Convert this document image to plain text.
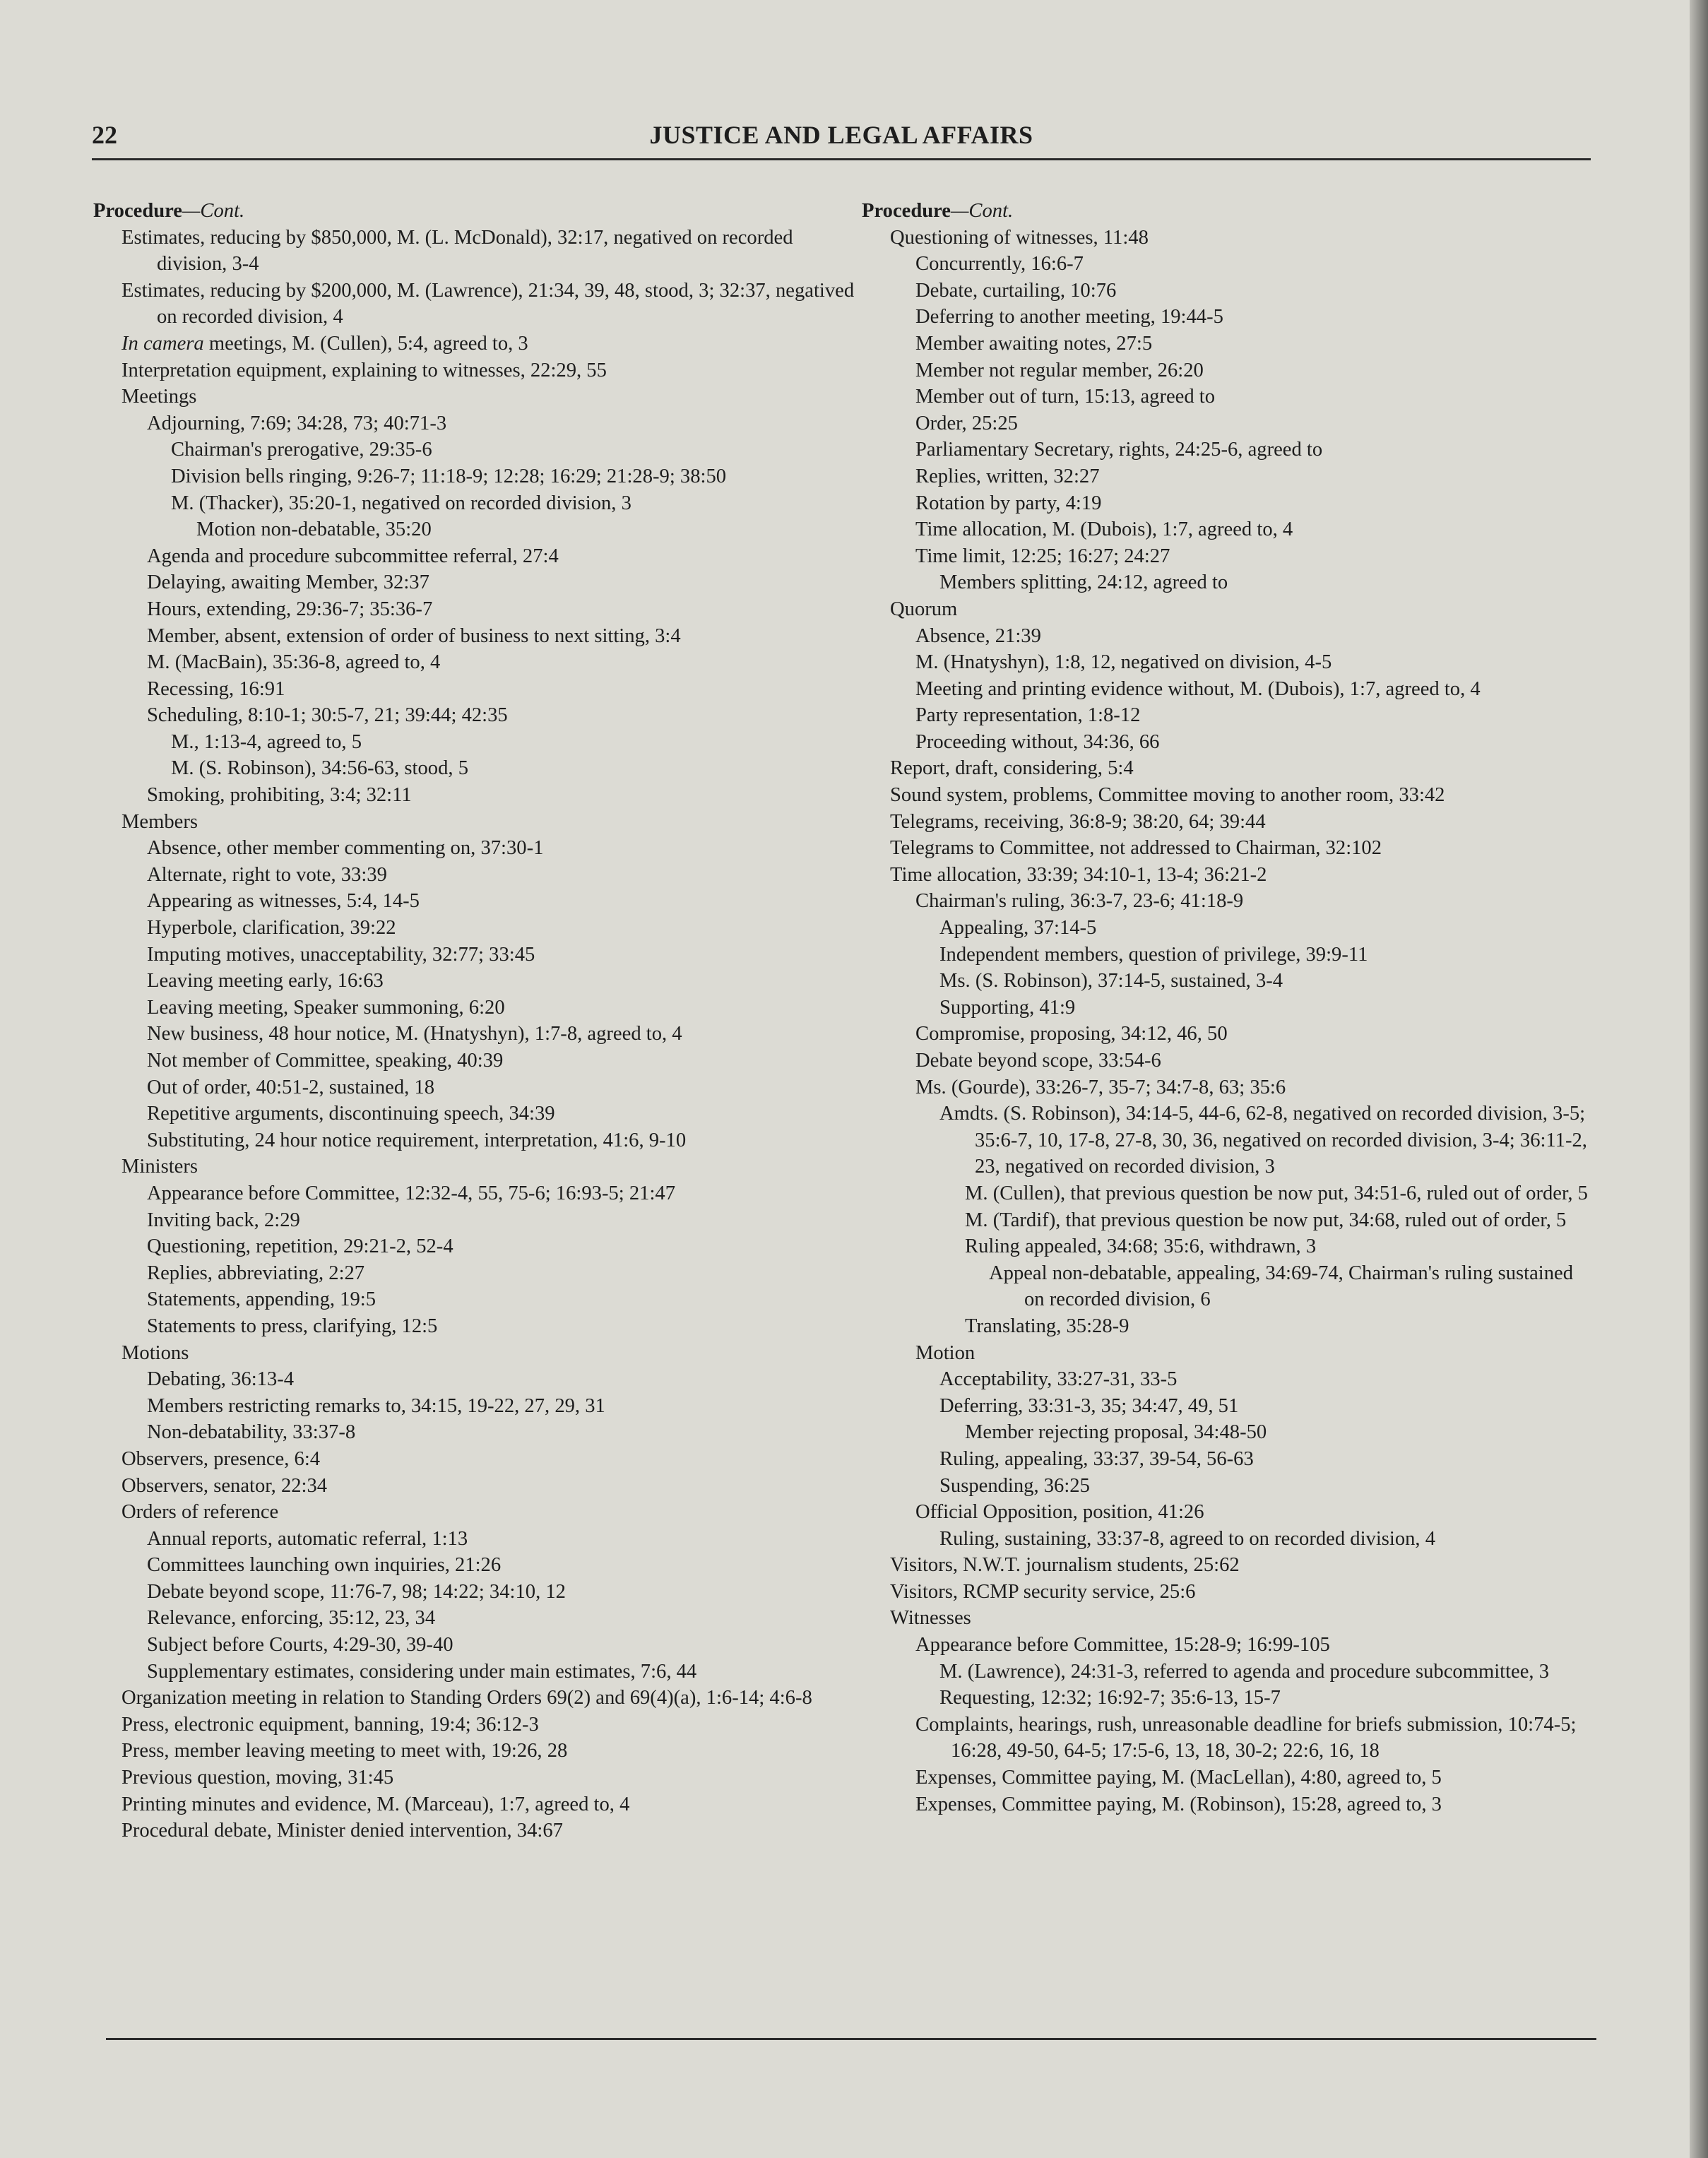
22	JUSTICE AND LEGAL AFFAIRS
Procedure—Cont.
Estimates, reducing by $850,000, M. (L. McDonald), 32:17, negatived on recorded division, 3-4
Estimates, reducing by $200,000, M. (Lawrence), 21:34, 39, 48, stood, 3; 32:37, negatived on recorded division, 4
In camera meetings, M. (Cullen), 5:4, agreed to, 3
Interpretation equipment, explaining to witnesses, 22:29, 55
Meetings
Adjourning, 7:69; 34:28, 73; 40:71-3
Chairman's prerogative, 29:35-6
Division bells ringing, 9:26-7; 11:18-9; 12:28; 16:29; 21:28-9; 38:50
M. (Thacker), 35:20-1, negatived on recorded division, 3
Motion non-debatable, 35:20
Agenda and procedure subcommittee referral, 27:4
Delaying, awaiting Member, 32:37
Hours, extending, 29:36-7; 35:36-7
Member, absent, extension of order of business to next sitting, 3:4
M. (MacBain), 35:36-8, agreed to, 4
Recessing, 16:91
Scheduling, 8:10-1; 30:5-7, 21; 39:44; 42:35
M., 1:13-4, agreed to, 5
M. (S. Robinson), 34:56-63, stood, 5
Smoking, prohibiting, 3:4; 32:11
Members
Absence, other member commenting on, 37:30-1
Alternate, right to vote, 33:39
Appearing as witnesses, 5:4, 14-5
Hyperbole, clarification, 39:22
Imputing motives, unacceptability, 32:77; 33:45
Leaving meeting early, 16:63
Leaving meeting, Speaker summoning, 6:20
New business, 48 hour notice, M. (Hnatyshyn), 1:7-8, agreed to, 4
Not member of Committee, speaking, 40:39
Out of order, 40:51-2, sustained, 18
Repetitive arguments, discontinuing speech, 34:39
Substituting, 24 hour notice requirement, interpretation, 41:6, 9-10
Ministers
Appearance before Committee, 12:32-4, 55, 75-6; 16:93-5; 21:47
Inviting back, 2:29
Questioning, repetition, 29:21-2, 52-4
Replies, abbreviating, 2:27
Statements, appending, 19:5
Statements to press, clarifying, 12:5
Motions
Debating, 36:13-4
Members restricting remarks to, 34:15, 19-22, 27, 29, 31
Non-debatability, 33:37-8
Observers, presence, 6:4
Observers, senator, 22:34
Orders of reference
Annual reports, automatic referral, 1:13
Committees launching own inquiries, 21:26
Debate beyond scope, 11:76-7, 98; 14:22; 34:10, 12
Relevance, enforcing, 35:12, 23, 34
Subject before Courts, 4:29-30, 39-40
Supplementary estimates, considering under main estimates, 7:6, 44
Organization meeting in relation to Standing Orders 69(2) and 69(4)(a), 1:6-14; 4:6-8
Press, electronic equipment, banning, 19:4; 36:12-3
Press, member leaving meeting to meet with, 19:26, 28
Previous question, moving, 31:45
Printing minutes and evidence, M. (Marceau), 1:7, agreed to, 4
Procedural debate, Minister denied intervention, 34:67
Procedure—Cont.
Questioning of witnesses, 11:48
Concurrently, 16:6-7
Debate, curtailing, 10:76
Deferring to another meeting, 19:44-5
Member awaiting notes, 27:5
Member not regular member, 26:20
Member out of turn, 15:13, agreed to
Order, 25:25
Parliamentary Secretary, rights, 24:25-6, agreed to
Replies, written, 32:27
Rotation by party, 4:19
Time allocation, M. (Dubois), 1:7, agreed to, 4
Time limit, 12:25; 16:27; 24:27
Members splitting, 24:12, agreed to
Quorum
Absence, 21:39
M. (Hnatyshyn), 1:8, 12, negatived on division, 4-5
Meeting and printing evidence without, M. (Dubois), 1:7, agreed to, 4
Party representation, 1:8-12
Proceeding without, 34:36, 66
Report, draft, considering, 5:4
Sound system, problems, Committee moving to another room, 33:42
Telegrams, receiving, 36:8-9; 38:20, 64; 39:44
Telegrams to Committee, not addressed to Chairman, 32:102
Time allocation, 33:39; 34:10-1, 13-4; 36:21-2
Chairman's ruling, 36:3-7, 23-6; 41:18-9
Appealing, 37:14-5
Independent members, question of privilege, 39:9-11
Ms. (S. Robinson), 37:14-5, sustained, 3-4
Supporting, 41:9
Compromise, proposing, 34:12, 46, 50
Debate beyond scope, 33:54-6
Ms. (Gourde), 33:26-7, 35-7; 34:7-8, 63; 35:6
Amdts. (S. Robinson), 34:14-5, 44-6, 62-8, negatived on recorded division, 3-5; 35:6-7, 10, 17-8, 27-8, 30, 36, negatived on recorded division, 3-4; 36:11-2, 23, negatived on recorded division, 3
M. (Cullen), that previous question be now put, 34:51-6, ruled out of order, 5
M. (Tardif), that previous question be now put, 34:68, ruled out of order, 5
Ruling appealed, 34:68; 35:6, withdrawn, 3
Appeal non-debatable, appealing, 34:69-74, Chairman's ruling sustained on recorded division, 6
Translating, 35:28-9
Motion
Acceptability, 33:27-31, 33-5
Deferring, 33:31-3, 35; 34:47, 49, 51
Member rejecting proposal, 34:48-50
Ruling, appealing, 33:37, 39-54, 56-63
Suspending, 36:25
Official Opposition, position, 41:26
Ruling, sustaining, 33:37-8, agreed to on recorded division, 4
Visitors, N.W.T. journalism students, 25:62
Visitors, RCMP security service, 25:6
Witnesses
Appearance before Committee, 15:28-9; 16:99-105
M. (Lawrence), 24:31-3, referred to agenda and procedure subcommittee, 3
Requesting, 12:32; 16:92-7; 35:6-13, 15-7
Complaints, hearings, rush, unreasonable deadline for briefs submission, 10:74-5; 16:28, 49-50, 64-5; 17:5-6, 13, 18, 30-2; 22:6, 16, 18
Expenses, Committee paying, M. (MacLellan), 4:80, agreed to, 5
Expenses, Committee paying, M. (Robinson), 15:28, agreed to, 3
